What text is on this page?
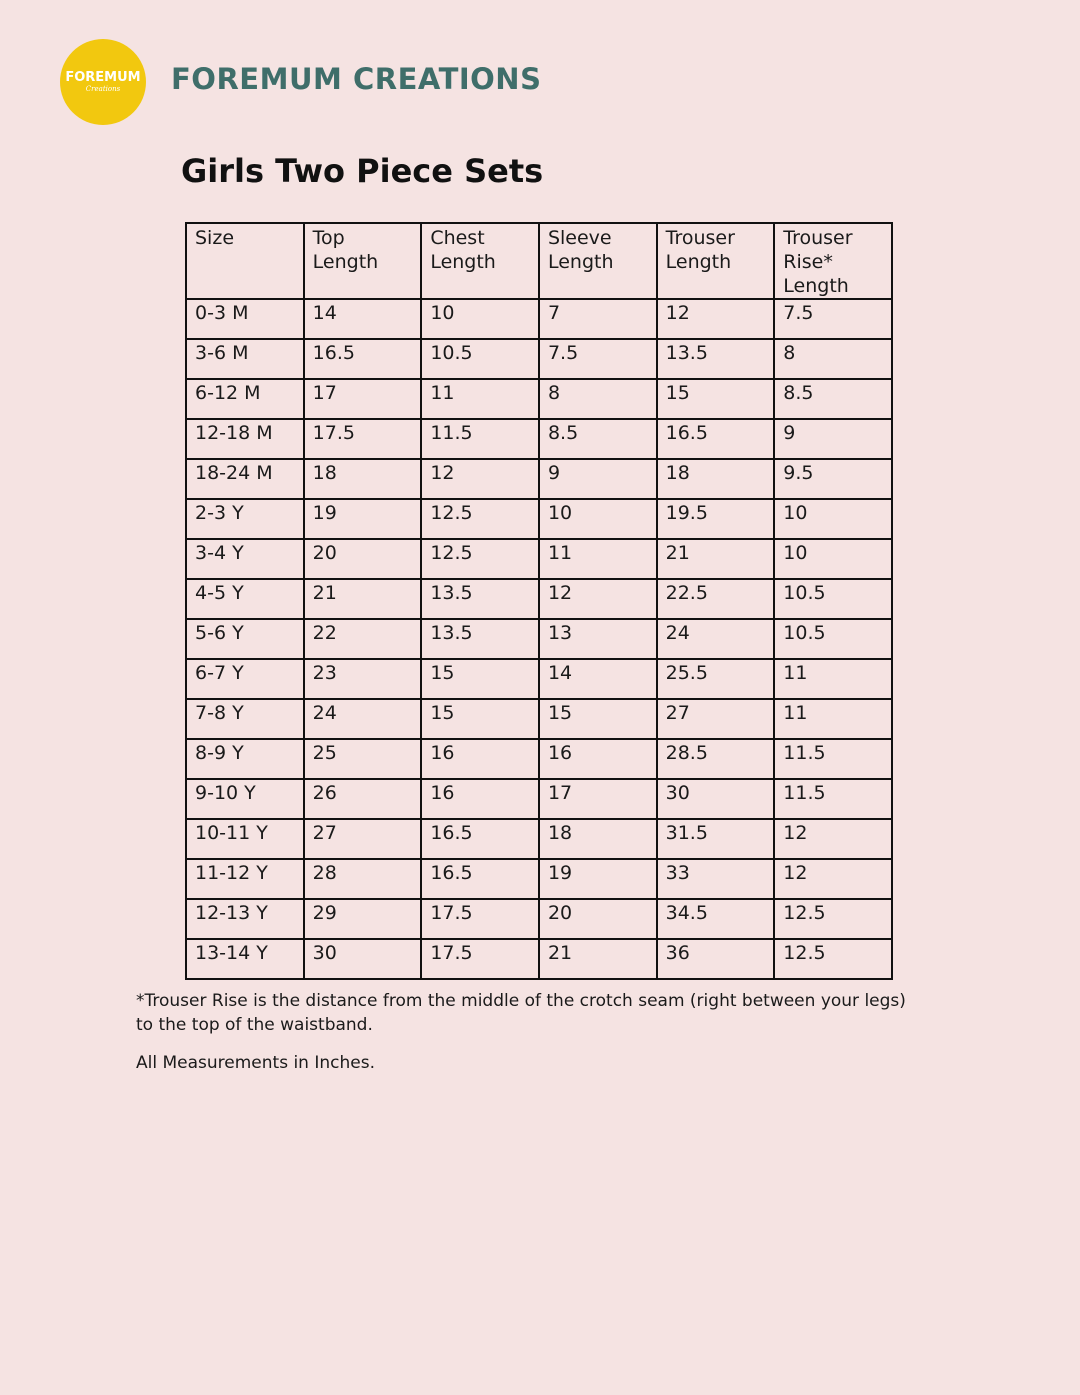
FOREMUM
Creations FOREMUM CREATIONS
Girls Two Piece Sets
Size	Top Length	Chest Length	Sleeve Length	Trouser Length	Trouser Rise* Length
0-3 M	14	10	7	12	7.5
3-6 M	16.5	10.5	7.5	13.5	8
6-12 M	17	11	8	15	8.5
12-18 M	17.5	11.5	8.5	16.5	9
18-24 M	18	12	9	18	9.5
2-3 Y	19	12.5	10	19.5	10
3-4 Y	20	12.5	11	21	10
4-5 Y	21	13.5	12	22.5	10.5
5-6 Y	22	13.5	13	24	10.5
6-7 Y	23	15	14	25.5	11
7-8 Y	24	15	15	27	11
8-9 Y	25	16	16	28.5	11.5
9-10 Y	26	16	17	30	11.5
10-11 Y	27	16.5	18	31.5	12
11-12 Y	28	16.5	19	33	12
12-13 Y	29	17.5	20	34.5	12.5
13-14 Y	30	17.5	21	36	12.5

*Trouser Rise is the distance from the middle of the crotch seam (right between your legs) to the top of the waistband.

All Measurements in Inches.
